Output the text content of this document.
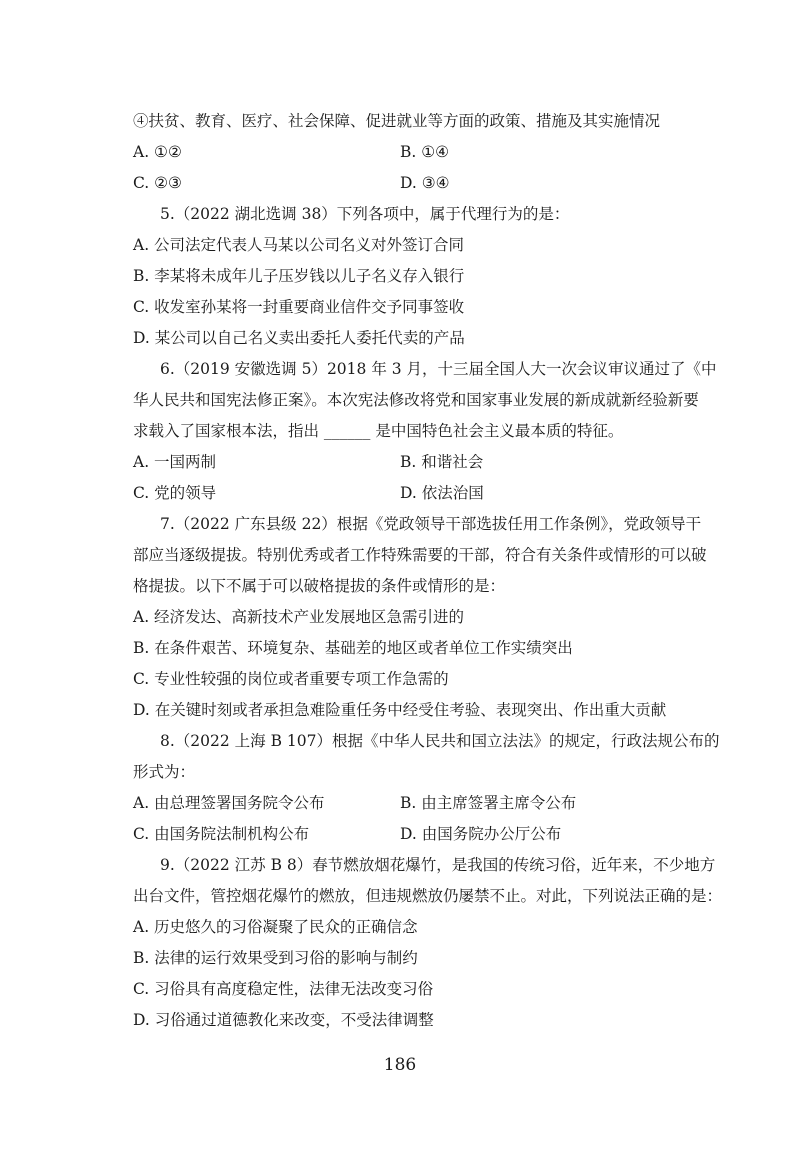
④扶贫、教育、医疗、社会保障、促进就业等方面的政策、措施及其实施情况
A. ①②	B. ①④
C. ②③	D. ③④
5.（2022 湖北选调 38）下列各项中，属于代理行为的是：
A. 公司法定代表人马某以公司名义对外签订合同
B. 李某将未成年儿子压岁钱以儿子名义存入银行
C. 收发室孙某将一封重要商业信件交予同事签收
D. 某公司以自己名义卖出委托人委托代卖的产品
6.（2019 安徽选调 5）2018 年 3 月，十三届全国人大一次会议审议通过了《中
华人民共和国宪法修正案》。本次宪法修改将党和国家事业发展的新成就新经验新要
求载入了国家根本法，指出 ______ 是中国特色社会主义最本质的特征。
A. 一国两制	B. 和谐社会
C. 党的领导	D. 依法治国
7.（2022 广东县级 22）根据《党政领导干部选拔任用工作条例》，党政领导干
部应当逐级提拔。特别优秀或者工作特殊需要的干部，符合有关条件或情形的可以破
格提拔。以下不属于可以破格提拔的条件或情形的是：
A. 经济发达、高新技术产业发展地区急需引进的
B. 在条件艰苦、环境复杂、基础差的地区或者单位工作实绩突出
C. 专业性较强的岗位或者重要专项工作急需的
D. 在关键时刻或者承担急难险重任务中经受住考验、表现突出、作出重大贡献
8.（2022 上海 B 107）根据《中华人民共和国立法法》的规定，行政法规公布的
形式为：
A. 由总理签署国务院令公布	B. 由主席签署主席令公布
C. 由国务院法制机构公布	D. 由国务院办公厅公布
9.（2022 江苏 B 8）春节燃放烟花爆竹，是我国的传统习俗，近年来，不少地方
出台文件，管控烟花爆竹的燃放，但违规燃放仍屡禁不止。对此，下列说法正确的是：
A. 历史悠久的习俗凝聚了民众的正确信念
B. 法律的运行效果受到习俗的影响与制约
C. 习俗具有高度稳定性，法律无法改变习俗
D. 习俗通过道德教化来改变，不受法律调整
186
